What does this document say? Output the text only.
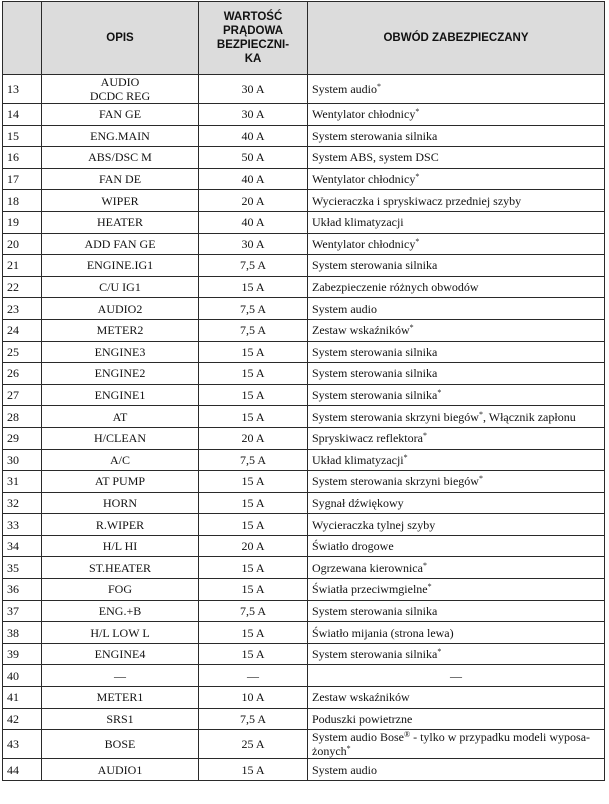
	OPIS	WARTOŚĆ
PRĄDOWA
BEZPIECZNI-
KA	OBWÓD ZABEZPIECZANY
13	AUDIO
DCDC REG	30 A	System audio*
14	FAN GE	30 A	Wentylator chłodnicy*
15	ENG.MAIN	40 A	System sterowania silnika
16	ABS/DSC M	50 A	System ABS, system DSC
17	FAN DE	40 A	Wentylator chłodnicy*
18	WIPER	20 A	Wycieraczka i spryskiwacz przedniej szyby
19	HEATER	40 A	Układ klimatyzacji
20	ADD FAN GE	30 A	Wentylator chłodnicy*
21	ENGINE.IG1	7,5 A	System sterowania silnika
22	C/U IG1	15 A	Zabezpieczenie różnych obwodów
23	AUDIO2	7,5 A	System audio
24	METER2	7,5 A	Zestaw wskaźników*
25	ENGINE3	15 A	System sterowania silnika
26	ENGINE2	15 A	System sterowania silnika
27	ENGINE1	15 A	System sterowania silnika*
28	AT	15 A	System sterowania skrzyni biegów*, Włącznik zapłonu
29	H/CLEAN	20 A	Spryskiwacz reflektora*
30	A/C	7,5 A	Układ klimatyzacji*
31	AT PUMP	15 A	System sterowania skrzyni biegów*
32	HORN	15 A	Sygnał dźwiękowy
33	R.WIPER	15 A	Wycieraczka tylnej szyby
34	H/L HI	20 A	Światło drogowe
35	ST.HEATER	15 A	Ogrzewana kierownica*
36	FOG	15 A	Światła przeciwmgielne*
37	ENG.+B	7,5 A	System sterowania silnika
38	H/L LOW L	15 A	Światło mijania (strona lewa)
39	ENGINE4	15 A	System sterowania silnika*
40	—	—	—
41	METER1	10 A	Zestaw wskaźników
42	SRS1	7,5 A	Poduszki powietrzne
43	BOSE	25 A	System audio Bose® - tylko w przypadku modeli wyposa-
żonych*
44	AUDIO1	15 A	System audio
